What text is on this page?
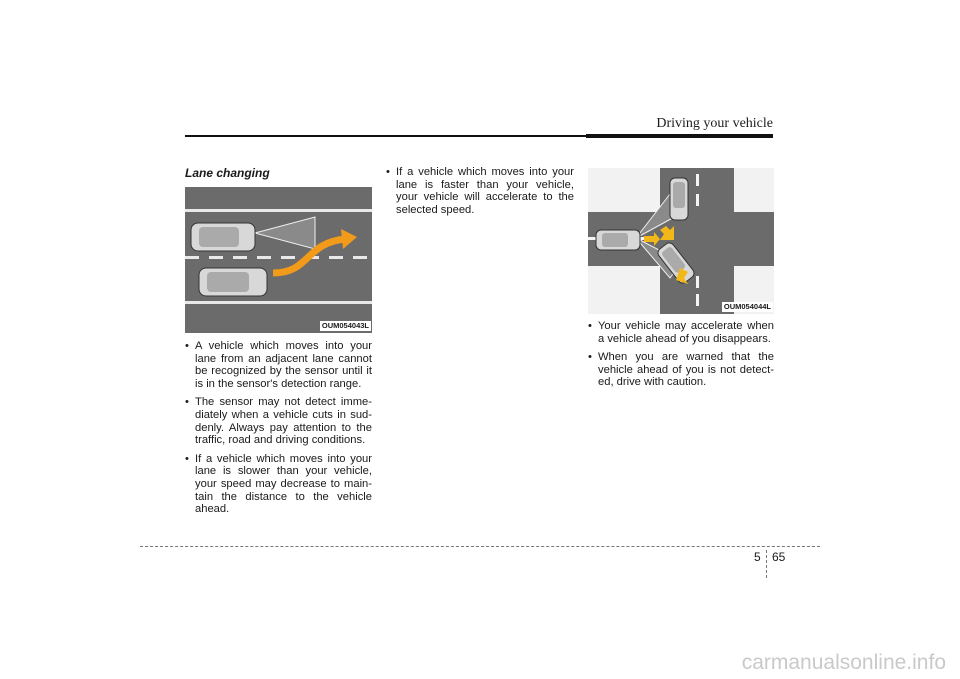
Driving your vehicle
Lane changing
OUM054043L
OUM054044L
• A vehicle which moves into your lane from an adjacent lane cannot be recognized by the sensor until it is in the sensor's detection range.
• The sensor may not detect imme-diately when a vehicle cuts in sud-denly. Always pay attention to the traffic, road and driving conditions.
• If a vehicle which moves into your lane is slower than your vehicle, your speed may decrease to main-tain the distance to the vehicle ahead.
• If a vehicle which moves into your lane is faster than your vehicle, your vehicle will accelerate to the selected speed.
• Your vehicle may accelerate when a vehicle ahead of you disappears.
• When you are warned that the vehicle ahead of you is not detect-ed, drive with caution.
5 65
carmanualsonline.info
